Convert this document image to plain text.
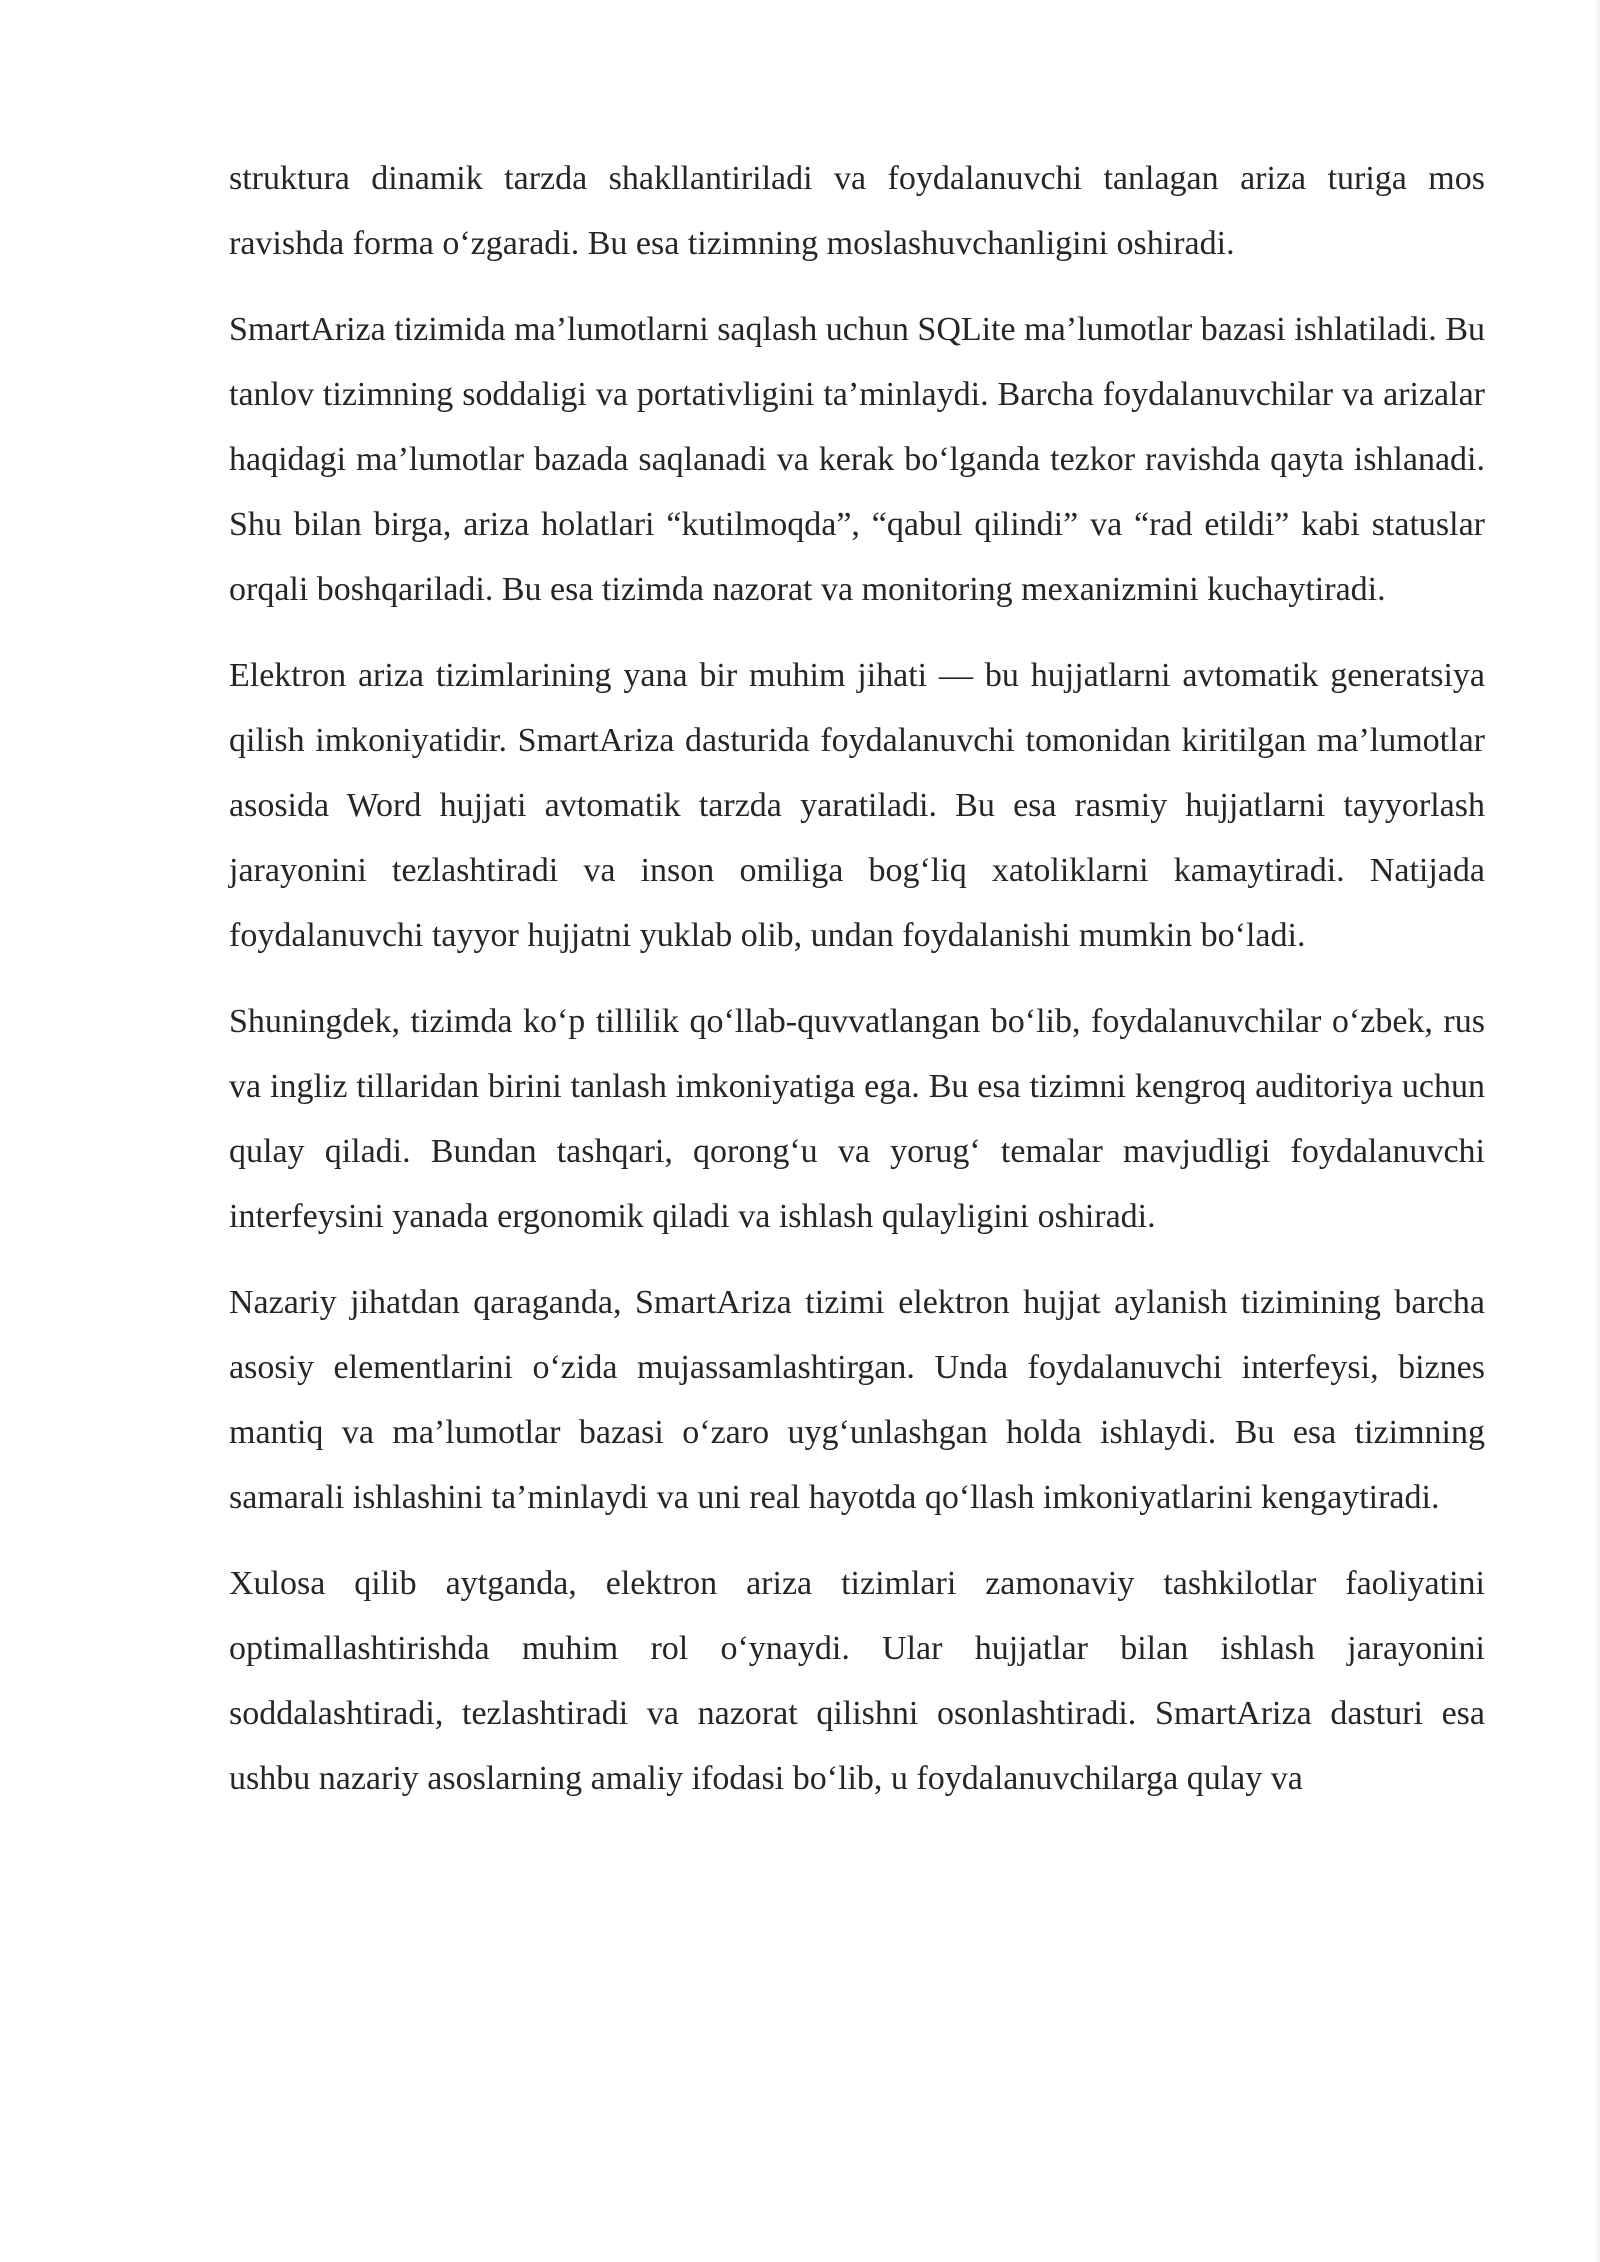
struktura dinamik tarzda shakllantiriladi va foydalanuvchi tanlagan ariza turiga mos ravishda forma o‘zgaradi. Bu esa tizimning moslashuvchanligini oshiradi.

SmartAriza tizimida ma’lumotlarni saqlash uchun SQLite ma’lumotlar bazasi ishlatiladi. Bu tanlov tizimning soddaligi va portativligini ta’minlaydi. Barcha foydalanuvchilar va arizalar haqidagi ma’lumotlar bazada saqlanadi va kerak bo‘lganda tezkor ravishda qayta ishlanadi. Shu bilan birga, ariza holatlari “kutilmoqda”, “qabul qilindi” va “rad etildi” kabi statuslar orqali boshqariladi. Bu esa tizimda nazorat va monitoring mexanizmini kuchaytiradi.

Elektron ariza tizimlarining yana bir muhim jihati — bu hujjatlarni avtomatik generatsiya qilish imkoniyatidir. SmartAriza dasturida foydalanuvchi tomonidan kiritilgan ma’lumotlar asosida Word hujjati avtomatik tarzda yaratiladi. Bu esa rasmiy hujjatlarni tayyorlash jarayonini tezlashtiradi va inson omiliga bog‘liq xatoliklarni kamaytiradi. Natijada foydalanuvchi tayyor hujjatni yuklab olib, undan foydalanishi mumkin bo‘ladi.

Shuningdek, tizimda ko‘p tillilik qo‘llab-quvvatlangan bo‘lib, foydalanuvchilar o‘zbek, rus va ingliz tillaridan birini tanlash imkoniyatiga ega. Bu esa tizimni kengroq auditoriya uchun qulay qiladi. Bundan tashqari, qorong‘u va yorug‘ temalar mavjudligi foydalanuvchi interfeysini yanada ergonomik qiladi va ishlash qulayligini oshiradi.

Nazariy jihatdan qaraganda, SmartAriza tizimi elektron hujjat aylanish tizimining barcha asosiy elementlarini o‘zida mujassamlashtirgan. Unda foydalanuvchi interfeysi, biznes mantiq va ma’lumotlar bazasi o‘zaro uyg‘unlashgan holda ishlaydi. Bu esa tizimning samarali ishlashini ta’minlaydi va uni real hayotda qo‘llash imkoniyatlarini kengaytiradi.

Xulosa qilib aytganda, elektron ariza tizimlari zamonaviy tashkilotlar faoliyatini optimallashtirishda muhim rol o‘ynaydi. Ular hujjatlar bilan ishlash jarayonini soddalashtiradi, tezlashtiradi va nazorat qilishni osonlashtiradi. SmartAriza dasturi esa ushbu nazariy asoslarning amaliy ifodasi bo‘lib, u foydalanuvchilarga qulay va
